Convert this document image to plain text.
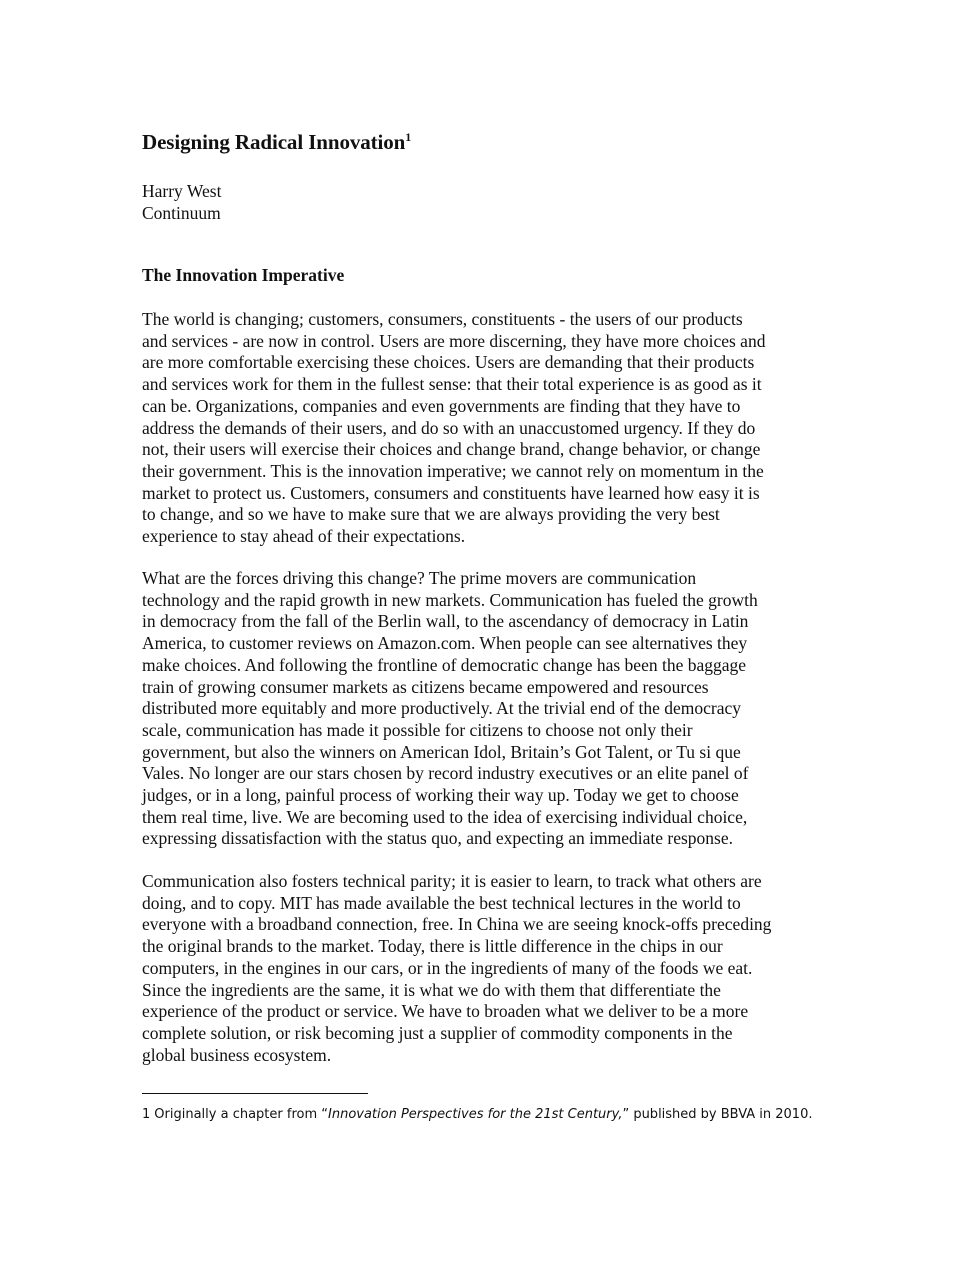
Designing Radical Innovation$^1$
Harry West
Continuum
The Innovation Imperative

The world is changing; customers, consumers, constituents - the users of our products
and services - are now in control. Users are more discerning, they have more choices and
are more comfortable exercising these choices. Users are demanding that their products
and services work for them in the fullest sense: that their total experience is as good as it
can be. Organizations, companies and even governments are finding that they have to
address the demands of their users, and do so with an unaccustomed urgency. If they do
not, their users will exercise their choices and change brand, change behavior, or change
their government. This is the innovation imperative; we cannot rely on momentum in the
market to protect us. Customers, consumers and constituents have learned how easy it is
to change, and so we have to make sure that we are always providing the very best
experience to stay ahead of their expectations.

What are the forces driving this change? The prime movers are communication
technology and the rapid growth in new markets. Communication has fueled the growth
in democracy from the fall of the Berlin wall, to the ascendancy of democracy in Latin
America, to customer reviews on Amazon.com. When people can see alternatives they
make choices. And following the frontline of democratic change has been the baggage
train of growing consumer markets as citizens became empowered and resources
distributed more equitably and more productively. At the trivial end of the democracy
scale, communication has made it possible for citizens to choose not only their
government, but also the winners on American Idol, Britain’s Got Talent, or Tu si que
Vales. No longer are our stars chosen by record industry executives or an elite panel of
judges, or in a long, painful process of working their way up. Today we get to choose
them real time, live. We are becoming used to the idea of exercising individual choice,
expressing dissatisfaction with the status quo, and expecting an immediate response.

Communication also fosters technical parity; it is easier to learn, to track what others are
doing, and to copy. MIT has made available the best technical lectures in the world to
everyone with a broadband connection, free. In China we are seeing knock-offs preceding
the original brands to the market. Today, there is little difference in the chips in our
computers, in the engines in our cars, or in the ingredients of many of the foods we eat.
Since the ingredients are the same, it is what we do with them that differentiate the
experience of the product or service. We have to broaden what we deliver to be a more
complete solution, or risk becoming just a supplier of commodity components in the
global business ecosystem.

1 Originally a chapter from “Innovation Perspectives for the 21st Century,” published by BBVA in 2010.
